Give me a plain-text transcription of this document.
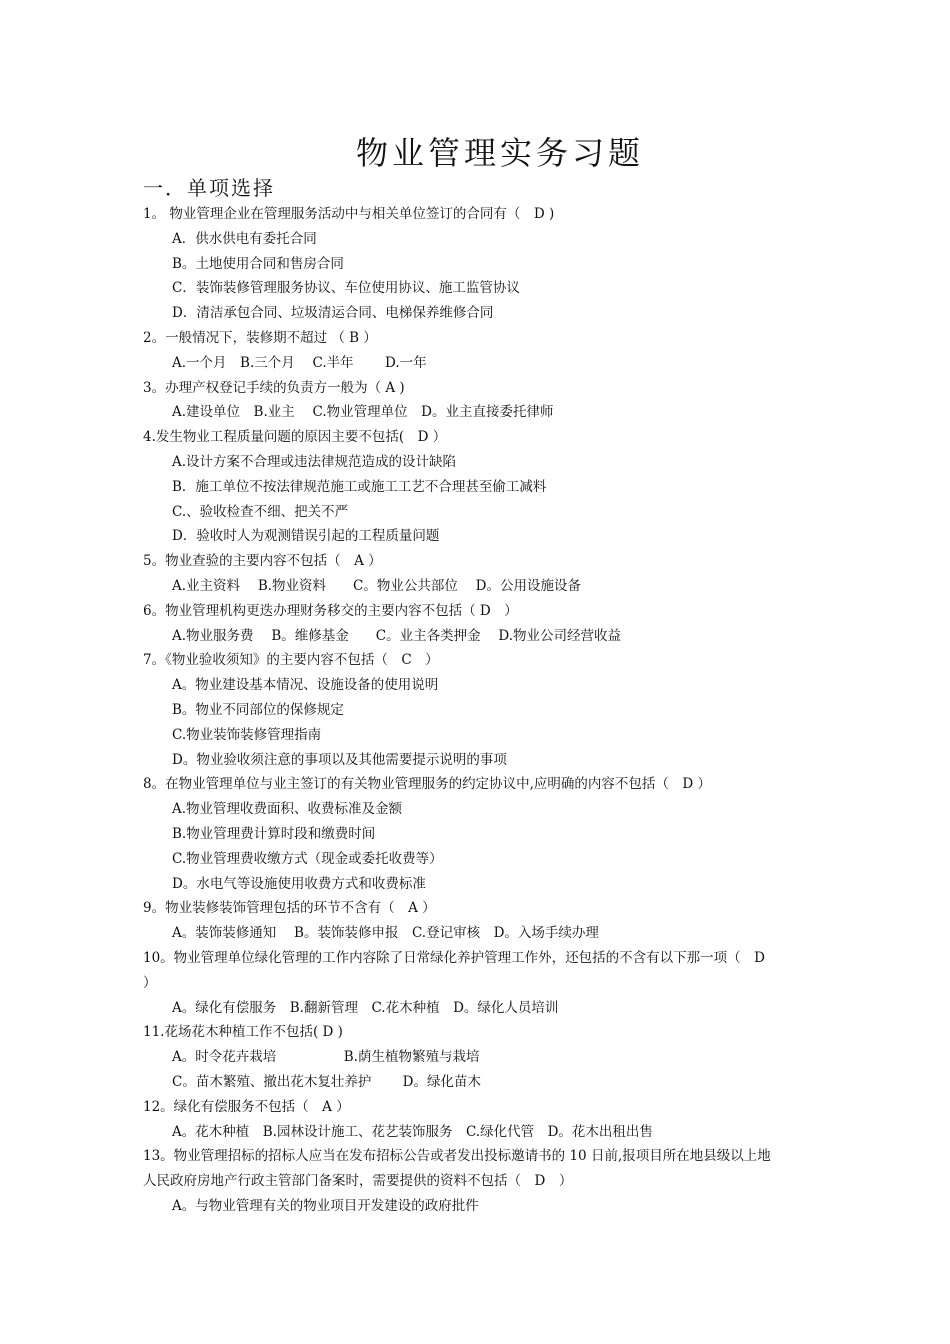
物业管理实务习题
一．单项选择
1。 物业管理企业在管理服务活动中与相关单位签订的合同有（　D )
A．供水供电有委托合同
B。土地使用合同和售房合同
C．装饰装修管理服务协议、车位使用协议、施工监管协议
D．清洁承包合同、垃圾清运合同、电梯保养维修合同
2。一般情况下，装修期不超过 （ B ）
A.一个月　B.三个月　 C.半年　　 D.一年
3。办理产权登记手续的负责方一般为（ A )
A.建设单位　B.业主　 C.物业管理单位　D。业主直接委托律师
4.发生物业工程质量问题的原因主要不包括(　D ）
A.设计方案不合理或违法律规范造成的设计缺陷
B．施工单位不按法律规范施工或施工工艺不合理甚至偷工减料
C.、验收检查不细、把关不严
D．验收时人为观测错误引起的工程质量问题
5。物业查验的主要内容不包括（　A ）
A.业主资料　 B.物业资料　　C。物业公共部位　 D。公用设施设备
6。物业管理机构更迭办理财务移交的主要内容不包括（ D　）
A.物业服务费　 B。维修基金　　C。业主各类押金　 D.物业公司经营收益
7。《物业验收须知》的主要内容不包括（　C　）
A。物业建设基本情况、设施设备的使用说明
B。物业不同部位的保修规定
C.物业装饰装修管理指南
D。物业验收须注意的事项以及其他需要提示说明的事项
8。在物业管理单位与业主签订的有关物业管理服务的约定协议中,应明确的内容不包括（　D ）
A.物业管理收费面积、收费标准及金额
B.物业管理费计算时段和缴费时间
C.物业管理费收缴方式（现金或委托收费等）
D。水电气等设施使用收费方式和收费标准
9。物业装修装饰管理包括的环节不含有（　A ）
A。装饰装修通知　 B。装饰装修申报　C.登记审核　D。入场手续办理
10。物业管理单位绿化管理的工作内容除了日常绿化养护管理工作外，还包括的不含有以下那一项（　D
）
A。绿化有偿服务　B.翻新管理　C.花木种植　D。绿化人员培训
11.花场花木种植工作不包括( D )
A。时令花卉栽培　　　　　B.荫生植物繁殖与栽培
C。苗木繁殖、撤出花木复壮养护　　 D。绿化苗木
12。绿化有偿服务不包括（　A ）
A。花木种植　B.园林设计施工、花艺装饰服务　C.绿化代管　D。花木出租出售
13。物业管理招标的招标人应当在发布招标公告或者发出投标邀请书的 10 日前,报项目所在地县级以上地
人民政府房地产行政主管部门备案时，需要提供的资料不包括（　D　）
A。与物业管理有关的物业项目开发建设的政府批件
